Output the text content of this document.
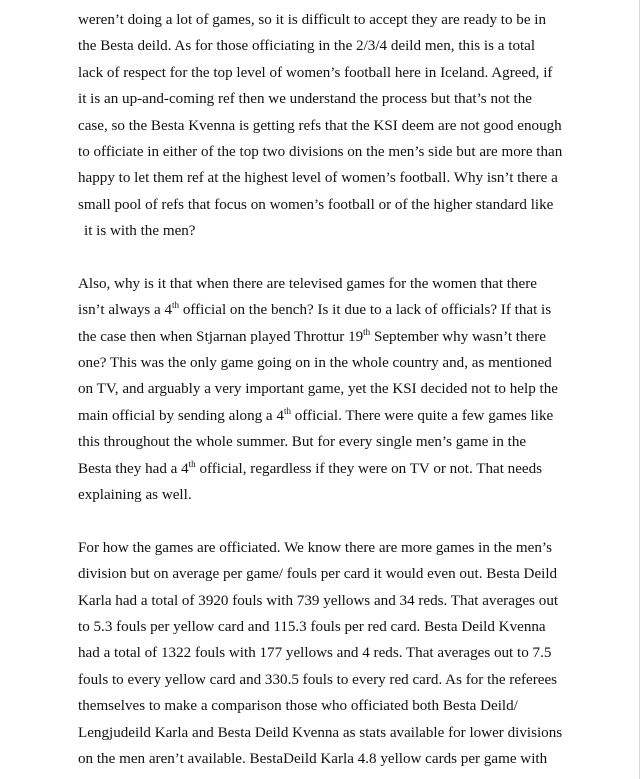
weren’t doing a lot of games, so it is difficult to accept they are ready to be in
the Besta deild. As for those officiating in the 2/3/4 deild men, this is a total
lack of respect for the top level of women’s football here in Iceland. Agreed, if
it is an up-and-coming ref then we understand the process but that’s not the
case, so the Besta Kvenna is getting refs that the KSI deem are not good enough
to officiate in either of the top two divisions on the men’s side but are more than
happy to let them ref at the highest level of women’s football. Why isn’t there a
small pool of refs that focus on women’s football or of the higher standard like
it is with the men?
Also, why is it that when there are televised games for the women that there
isn’t always a 4th official on the bench? Is it due to a lack of officials? If that is
the case then when Stjarnan played Throttur 19th September why wasn’t there
one? This was the only game going on in the whole country and, as mentioned
on TV, and arguably a very important game, yet the KSI decided not to help the
main official by sending along a 4th official. There were quite a few games like
this throughout the whole summer. But for every single men’s game in the
Besta they had a 4th official, regardless if they were on TV or not. That needs
explaining as well.
For how the games are officiated. We know there are more games in the men’s
division but on average per game/ fouls per card it would even out. Besta Deild
Karla had a total of 3920 fouls with 739 yellows and 34 reds. That averages out
to 5.3 fouls per yellow card and 115.3 fouls per red card. Besta Deild Kvenna
had a total of 1322 fouls with 177 yellows and 4 reds. That averages out to 7.5
fouls to every yellow card and 330.5 fouls to every red card. As for the referees
themselves to make a comparison those who officiated both Besta Deild/
Lengjudeild Karla and Besta Deild Kvenna as stats available for lower divisions
on the men aren’t available. BestaDeild Karla 4.8 yellow cards per game with
